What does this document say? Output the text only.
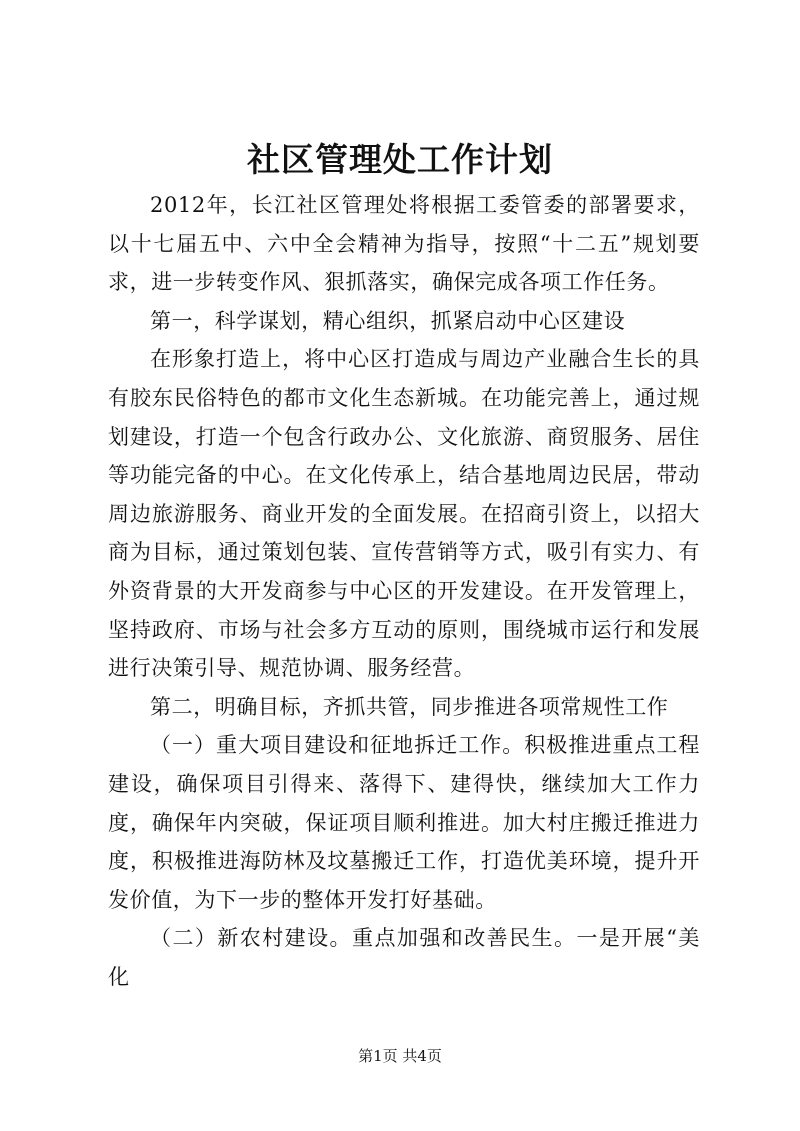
社区管理处工作计划

2012年，长江社区管理处将根据工委管委的部署要求，以十七届五中、六中全会精神为指导，按照“十二五”规划要求，进一步转变作风、狠抓落实，确保完成各项工作任务。

第一，科学谋划，精心组织，抓紧启动中心区建设

在形象打造上，将中心区打造成与周边产业融合生长的具有胶东民俗特色的都市文化生态新城。在功能完善上，通过规划建设，打造一个包含行政办公、文化旅游、商贸服务、居住等功能完备的中心。在文化传承上，结合基地周边民居，带动周边旅游服务、商业开发的全面发展。在招商引资上，以招大商为目标，通过策划包装、宣传营销等方式，吸引有实力、有外资背景的大开发商参与中心区的开发建设。在开发管理上，坚持政府、市场与社会多方互动的原则，围绕城市运行和发展进行决策引导、规范协调、服务经营。

第二，明确目标，齐抓共管，同步推进各项常规性工作

（一）重大项目建设和征地拆迁工作。积极推进重点工程建设，确保项目引得来、落得下、建得快，继续加大工作力度，确保年内突破，保证项目顺利推进。加大村庄搬迁推进力度，积极推进海防林及坟墓搬迁工作，打造优美环境，提升开发价值，为下一步的整体开发打好基础。

（二）新农村建设。重点加强和改善民生。一是开展“美化

第1页 共4页
